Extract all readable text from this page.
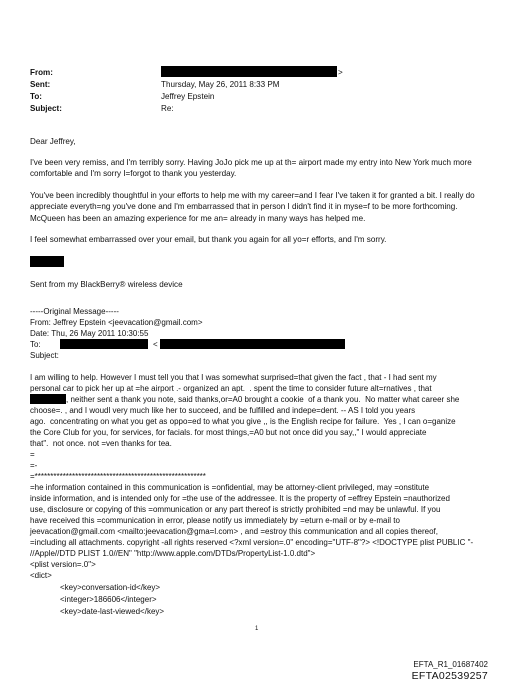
From:
Sent:
To:
Subject:
>
Thursday, May 26, 2011 8:33 PM
Jeffrey Epstein
Re:
Dear Jeffrey,
I've been very remiss, and I'm terribly sorry. Having JoJo pick me up at th= airport made my entry into New York much more comfortable and I'm sorry I=forgot to thank you yesterday.
You've been incredibly thoughtful in your efforts to help me with my career=and I fear I've taken it for granted a bit. I really do appreciate everyth=ng you've done and I'm embarrassed that in person I didn't find it in myse=f to be more forthcoming. McQueen has been an amazing experience for me an= already in many ways has helped me.
I feel somewhat embarrassed over your email, but thank you again for all yo=r efforts, and I'm sorry.
Sent from my BlackBerry® wireless device
-----Original Message-----
From: Jeffrey Epstein <jeevacation@gmail.com>
Date: Thu, 26 May 2011 10:30:55
To:	<
Subject:
I am willing to help. However I must tell you that I was somewhat surprised=that given the fact , that - I had sent my
personal car to pick her up at =he airport .- organized an apt.  . spent the time to consider future alt=rnatives , that
, neither sent a thank you note, said thanks,or=A0 brought a cookie  of a thank you.  No matter what career she
choose=. , and I woudl very much like her to succeed, and be fulfilled and indepe=dent. -- AS I told you years
ago.  concentrating on what you get as oppo=ed to what you give ,, is the English recipe for failure.  Yes , I can o=ganize
the Core Club for you, for services, for facials. for most things,=A0 but not once did you say,," I would appreciate
that".  not once. not =ven thanks for tea.
=
=-
=*******************************************************
=he information contained in this communication is =onfidential, may be attorney-client privileged, may =onstitute
inside information, and is intended only for =the use of the addressee. It is the property of =effrey Epstein =nauthorized
use, disclosure or copying of this =ommunication or any part thereof is strictly prohibited =nd may be unlawful. If you
have received this =communication in error, please notify us immediately by =eturn e-mail or by e-mail to
jeevacation@gmail.com <mailto:jeevacation@gma=l.com> , and =estroy this communication and all copies thereof,
=including all attachments. copyright -all rights reserved <?xml version=.0" encoding="UTF-8"?> <!DOCTYPE plist PUBLIC "-
//Apple//DTD PLIST 1.0//EN" "http://www.apple.com/DTDs/PropertyList-1.0.dtd">
<plist version=.0">
<dict>
<key>conversation-id</key>
<integer>186606</integer>
<key>date-last-viewed</key>
1
EFTA_R1_01687402
EFTA02539257
